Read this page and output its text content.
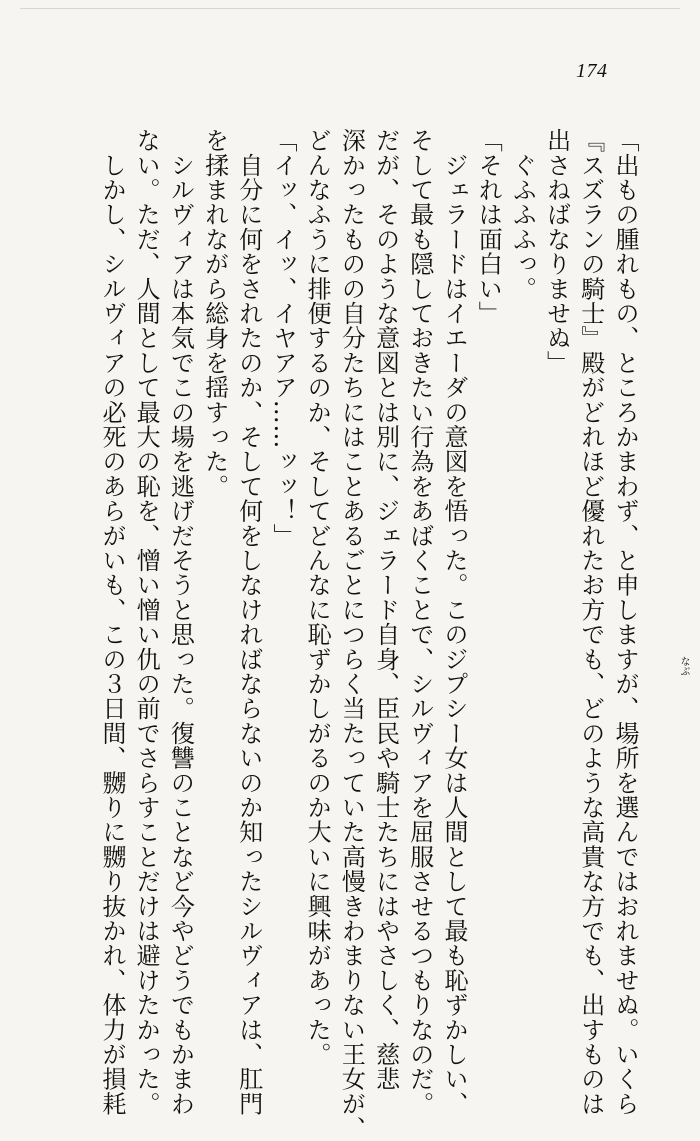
174
「出もの腫れもの、ところかまわず、と申しますが、場所を選んではおれませぬ。いくら
『スズランの騎士』殿がどれほど優れたお方でも、どのような高貴な方でも、出すものは
出さねばなりませぬ」
　ぐふふふっ。
「それは面白い」
　ジェラードはイエーダの意図を悟った。このジプシー女は人間として最も恥ずかしい、
そして最も隠しておきたい行為をあばくことで、シルヴィアを屈服させるつもりなのだ。
だが、そのような意図とは別に、ジェラード自身、臣民や騎士たちにはやさしく、慈悲
深かったものの自分たちにはことあるごとにつらく当たっていた高慢きわまりない王女が、
どんなふうに排便するのか、そしてどんなに恥ずかしがるのか大いに興味があった。
「イッ、イッ、イヤアア……ッッ！」
　自分に何をされたのか、そして何をしなければならないのか知ったシルヴィアは、肛門
を揉まれながら総身を揺すった。
　シルヴィアは本気でこの場を逃げだそうと思った。復讐のことなど今やどうでもかまわ
ない。ただ、人間として最大の恥を、憎い憎い仇の前でさらすことだけは避けたかった。
　しかし、シルヴィアの必死のあらがいも、この３日間、嬲りに嬲り抜かれ、体力が損耗	なぶ
